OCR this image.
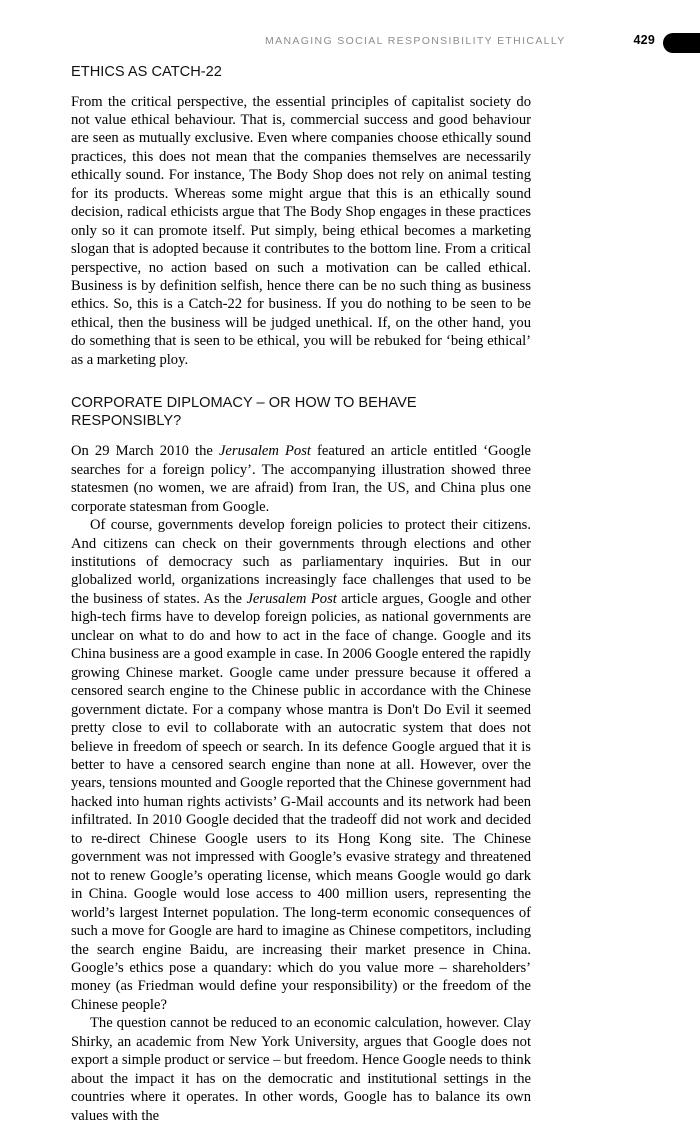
MANAGING SOCIAL RESPONSIBILITY ETHICALLY	429
ETHICS AS CATCH-22

From the critical perspective, the essential principles of capitalist society do not value ethical behaviour. That is, commercial success and good behaviour are seen as mutually exclusive. Even where companies choose ethically sound practices, this does not mean that the companies themselves are necessarily ethically sound. For instance, The Body Shop does not rely on animal testing for its products. Whereas some might argue that this is an ethically sound decision, radical ethicists argue that The Body Shop engages in these practices only so it can promote itself. Put simply, being ethical becomes a marketing slogan that is adopted because it contributes to the bottom line. From a critical perspective, no action based on such a motivation can be called ethical. Business is by definition selfish, hence there can be no such thing as business ethics. So, this is a Catch-22 for business. If you do nothing to be seen to be ethical, then the business will be judged unethical. If, on the other hand, you do something that is seen to be ethical, you will be rebuked for ‘being ethical’ as a marketing ploy.

CORPORATE DIPLOMACY – OR HOW TO BEHAVE RESPONSIBLY?

On 29 March 2010 the Jerusalem Post featured an article entitled ‘Google searches for a foreign policy’. The accompanying illustration showed three statesmen (no women, we are afraid) from Iran, the US, and China plus one corporate statesman from Google.

Of course, governments develop foreign policies to protect their citizens. And citizens can check on their governments through elections and other institutions of democracy such as parliamentary inquiries. But in our globalized world, organizations increasingly face challenges that used to be the business of states. As the Jerusalem Post article argues, Google and other high-tech firms have to develop foreign policies, as national governments are unclear on what to do and how to act in the face of change. Google and its China business are a good example in case. In 2006 Google entered the rapidly growing Chinese market. Google came under pressure because it offered a censored search engine to the Chinese public in accordance with the Chinese government dictate. For a company whose mantra is Don't Do Evil it seemed pretty close to evil to collaborate with an autocratic system that does not believe in freedom of speech or search. In its defence Google argued that it is better to have a censored search engine than none at all. However, over the years, tensions mounted and Google reported that the Chinese government had hacked into human rights activists’ G-Mail accounts and its network had been infiltrated. In 2010 Google decided that the tradeoff did not work and decided to re-direct Chinese Google users to its Hong Kong site. The Chinese government was not impressed with Google’s evasive strategy and threatened not to renew Google’s operating license, which means Google would go dark in China. Google would lose access to 400 million users, representing the world’s largest Internet population. The long-term economic consequences of such a move for Google are hard to imagine as Chinese competitors, including the search engine Baidu, are increasing their market presence in China. Google’s ethics pose a quandary: which do you value more – shareholders’ money (as Friedman would define your responsibility) or the freedom of the Chinese people?

The question cannot be reduced to an economic calculation, however. Clay Shirky, an academic from New York University, argues that Google does not export a simple product or service – but freedom. Hence Google needs to think about the impact it has on the democratic and institutional settings in the countries where it operates. In other words, Google has to balance its own values with the
